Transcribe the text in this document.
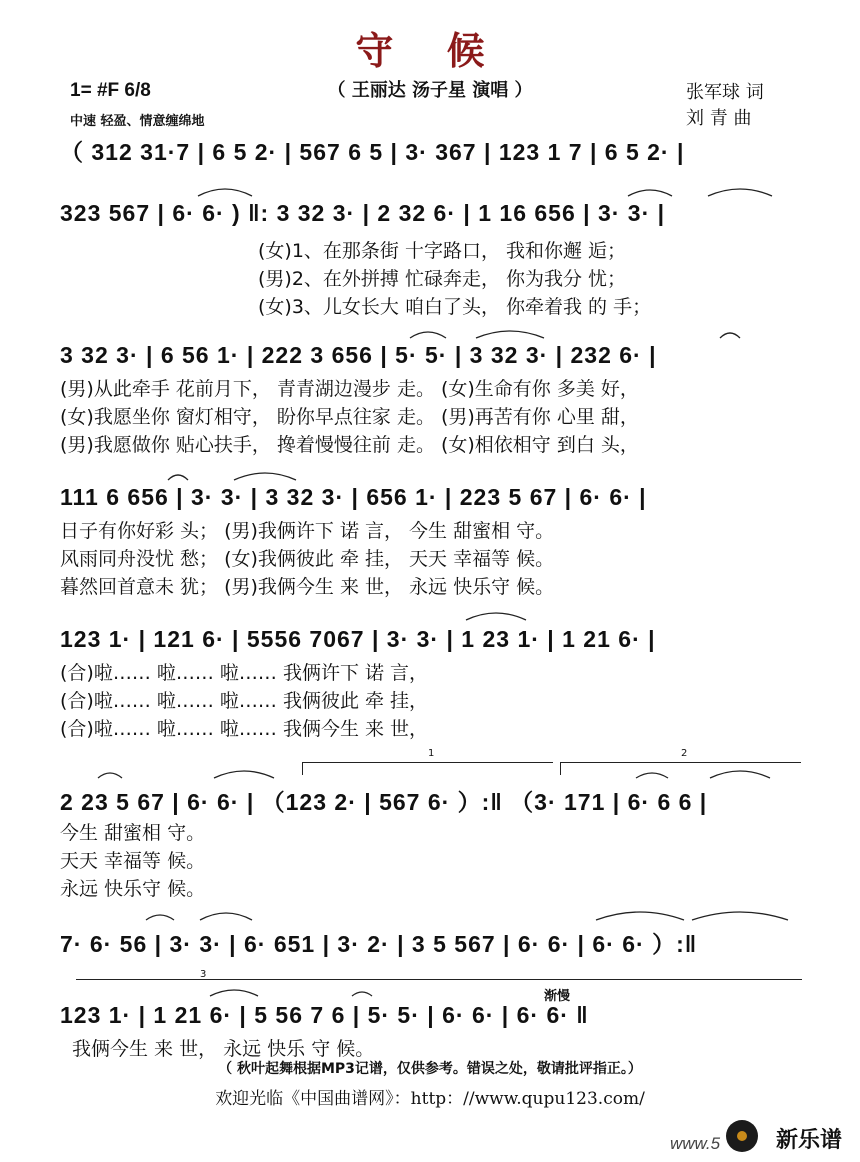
守 候
（ 王丽达 汤子星 演唱 ）
1= #F 6/8
中速 轻盈、情意缠绵地
张军球 词
刘 青 曲
（ 312 31·7 | 6 5 2· | 567 6 5 | 3· 367 | 123 1 7 | 6 5 2· |
323 567 | 6· 6· ) ‖: 3 32 3· | 2 32 6· | 1 16 656 | 3· 3· |
(女)1、在那条街 十字路口， 我和你邂 逅；
(男)2、在外拼搏 忙碌奔走， 你为我分 忧；
(女)3、儿女长大 咱白了头， 你牵着我 的 手；
3 32 3· | 6 56 1· | 222 3 656 | 5· 5· | 3 32 3· | 232 6· |
(男)从此牵手 花前月下， 青青湖边漫步 走。 (女)生命有你 多美 好，
(女)我愿坐你 窗灯相守， 盼你早点往家 走。 (男)再苦有你 心里 甜，
(男)我愿做你 贴心扶手， 搀着慢慢往前 走。 (女)相依相守 到白 头，
111 6 656 | 3· 3· | 3 32 3· | 656 1· | 223 5 67 | 6· 6· |
日子有你好彩 头； (男)我俩许下 诺 言， 今生 甜蜜相 守。
风雨同舟没忧 愁； (女)我俩彼此 牵 挂， 天天 幸福等 候。
暮然回首意未 犹； (男)我俩今生 来 世， 永远 快乐守 候。
123 1· | 121 6· | 5556 7067 | 3· 3· | 1 23 1· | 1 21 6· |
(合)啦…… 啦…… 啦…… 我俩许下 诺 言，
(合)啦…… 啦…… 啦…… 我俩彼此 牵 挂，
(合)啦…… 啦…… 啦…… 我俩今生 来 世，
1	2
2 23 5 67 | 6· 6· | （123 2· | 567 6· ）:‖ （3· 171 | 6· 6 6 |
今生 甜蜜相 守。
天天 幸福等 候。
永远 快乐守 候。
7· 6· 56 | 3· 3· | 6· 651 | 3· 2· | 3 5 567 | 6· 6· | 6· 6· ）:‖
3
渐慢
123 1· | 1 21 6· | 5 56 7 6 | 5· 5· | 6· 6· | 6· 6· ‖
我俩今生 来 世， 永远 快乐 守 候。
（ 秋叶起舞根据MP3记谱，仅供参考。错误之处，敬请批评指正。）
欢迎光临《中国曲谱网》：http：//www.qupu123.com/
www.5	新乐谱
